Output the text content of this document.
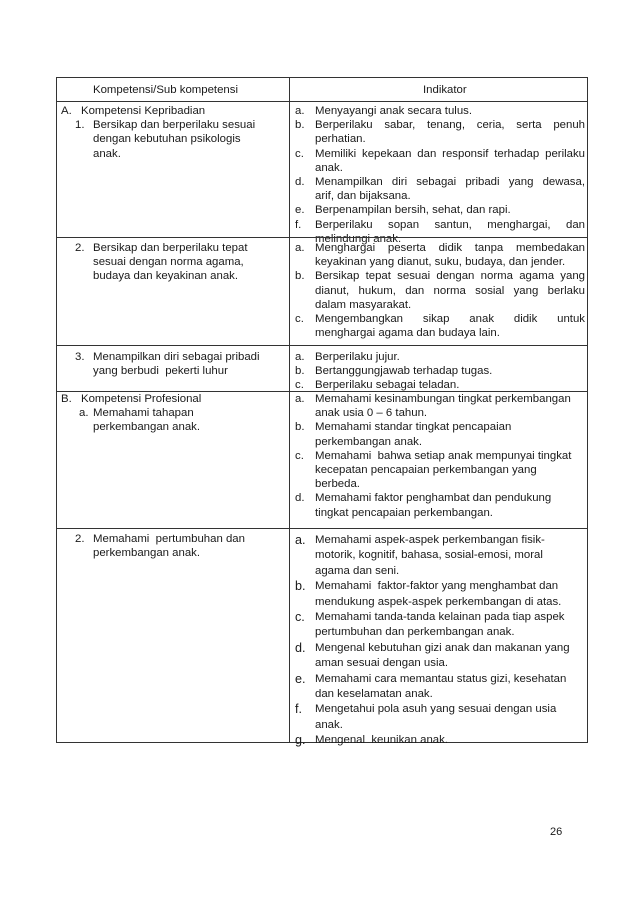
Kompetensi/Sub kompetensi	Indikator
A. Kompetensi Kepribadian
1. Bersikap dan berperilaku sesuai
dengan kebutuhan psikologis
anak.
a. Menyayangi anak secara tulus.
b. Berperilaku sabar, tenang, ceria, serta penuh
perhatian.
c. Memiliki kepekaan dan responsif terhadap perilaku
anak.
d. Menampilkan diri sebagai pribadi yang dewasa,
arif, dan bijaksana.
e. Berpenampilan bersih, sehat, dan rapi.
f. Berperilaku sopan santun, menghargai, dan
melindungi anak.
2. Bersikap dan berperilaku tepat
sesuai dengan norma agama,
budaya dan keyakinan anak.
a. Menghargai peserta didik tanpa membedakan
keyakinan yang dianut, suku, budaya, dan jender.
b. Bersikap tepat sesuai dengan norma agama yang
dianut, hukum, dan norma sosial yang berlaku
dalam masyarakat.
c. Mengembangkan sikap anak didik untuk
menghargai agama dan budaya lain.
3. Menampilkan diri sebagai pribadi
yang berbudi  pekerti luhur
a. Berperilaku jujur.
b. Bertanggungjawab terhadap tugas.
c. Berperilaku sebagai teladan.
B. Kompetensi Profesional
a. Memahami tahapan
perkembangan anak.
a. Memahami kesinambungan tingkat perkembangan
anak usia 0 – 6 tahun.
b. Memahami standar tingkat pencapaian
perkembangan anak.
c. Memahami  bahwa setiap anak mempunyai tingkat
kecepatan pencapaian perkembangan yang
berbeda.
d. Memahami faktor penghambat dan pendukung
tingkat pencapaian perkembangan.
2. Memahami  pertumbuhan dan
perkembangan anak.
a. Memahami aspek-aspek perkembangan fisik-
motorik, kognitif, bahasa, sosial-emosi, moral
agama dan seni.
b. Memahami  faktor-faktor yang menghambat dan
mendukung aspek-aspek perkembangan di atas.
c. Memahami tanda-tanda kelainan pada tiap aspek
pertumbuhan dan perkembangan anak.
d. Mengenal kebutuhan gizi anak dan makanan yang
aman sesuai dengan usia.
e. Memahami cara memantau status gizi, kesehatan
dan keselamatan anak.
f. Mengetahui pola asuh yang sesuai dengan usia
anak.
g. Mengenal  keunikan anak.
26
